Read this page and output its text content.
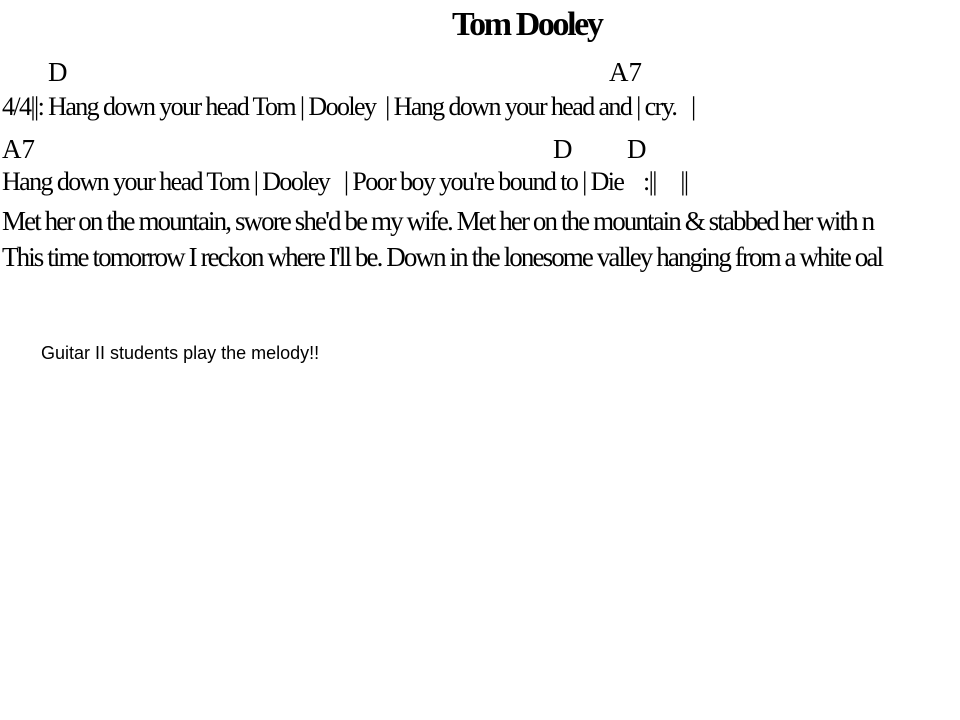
Tom Dooley
D	A7
4/4||: Hang down your head Tom | Dooley  | Hang down your head and | cry.   |
A7	D D
Hang down your head Tom | Dooley   | Poor boy you're bound to | Die    :||     ||
Met her on the mountain, swore she'd be my wife. Met her on the mountain & stabbed her with n
This time tomorrow I reckon where I'll be. Down in the lonesome valley hanging from a white oal
Guitar II students play the melody!!
